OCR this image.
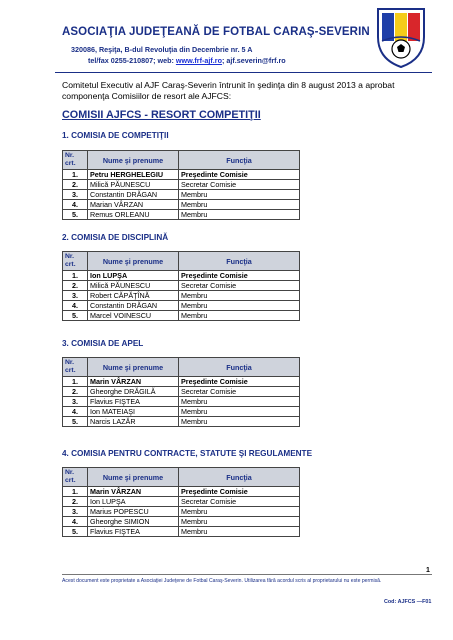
ASOCIAŢIA JUDEŢEANĂ DE FOTBAL CARAŞ-SEVERIN
320086, Reşiţa, B-dul Revoluţia din Decembrie nr. 5 A
tel/fax 0255-210807; web: www.frf-ajf.ro; ajf.severin@frf.ro
Comitetul Executiv al AJF Caraş-Severin întrunit în şedinţa din 8 august 2013 a aprobat componenţa Comisiilor de resort ale AJFCS:
COMISII AJFCS - RESORT COMPETIŢII
1. COMISIA DE COMPETIŢII
Nr. crt.	Nume şi prenume	Funcţia
1.	Petru HERGHELEGIU	Preşedinte Comisie
2.	Milică PĂUNESCU	Secretar Comisie
3.	Constantin DRĂGAN	Membru
4.	Marian VÂRZAN	Membru
5.	Remus ORLEANU	Membru
2. COMISIA DE DISCIPLINĂ
Nr. crt.	Nume şi prenume	Funcţia
1.	Ion LUPŞA	Preşedinte Comisie
2.	Milică PĂUNESCU	Secretar Comisie
3.	Robert CĂPĂŢÎNĂ	Membru
4.	Constantin DRĂGAN	Membru
5.	Marcel VOINESCU	Membru
3. COMISIA DE APEL
Nr. crt.	Nume şi prenume	Funcţia
1.	Marin VÂRZAN	Preşedinte Comisie
2.	Gheorghe DRĂGILĂ	Secretar Comisie
3.	Flavius FIŞTEA	Membru
4.	Ion MATEIAŞI	Membru
5.	Narcis LAZĂR	Membru
4. COMISIA PENTRU CONTRACTE, STATUTE ŞI REGULAMENTE
Nr. crt.	Nume şi prenume	Funcţia
1.	Marin VÂRZAN	Preşedinte Comisie
2.	Ion LUPŞA	Secretar Comisie
3.	Marius POPESCU	Membru
4.	Gheorghe SIMION	Membru
5.	Flavius FIŞTEA	Membru
1
Acest document este proprietate a Asociaţiei Judeţene de Fotbal Caraş-Severin. Utilizarea fără acordul scris al proprietarului nu este permisă.
Cod: AJFCS —F01
